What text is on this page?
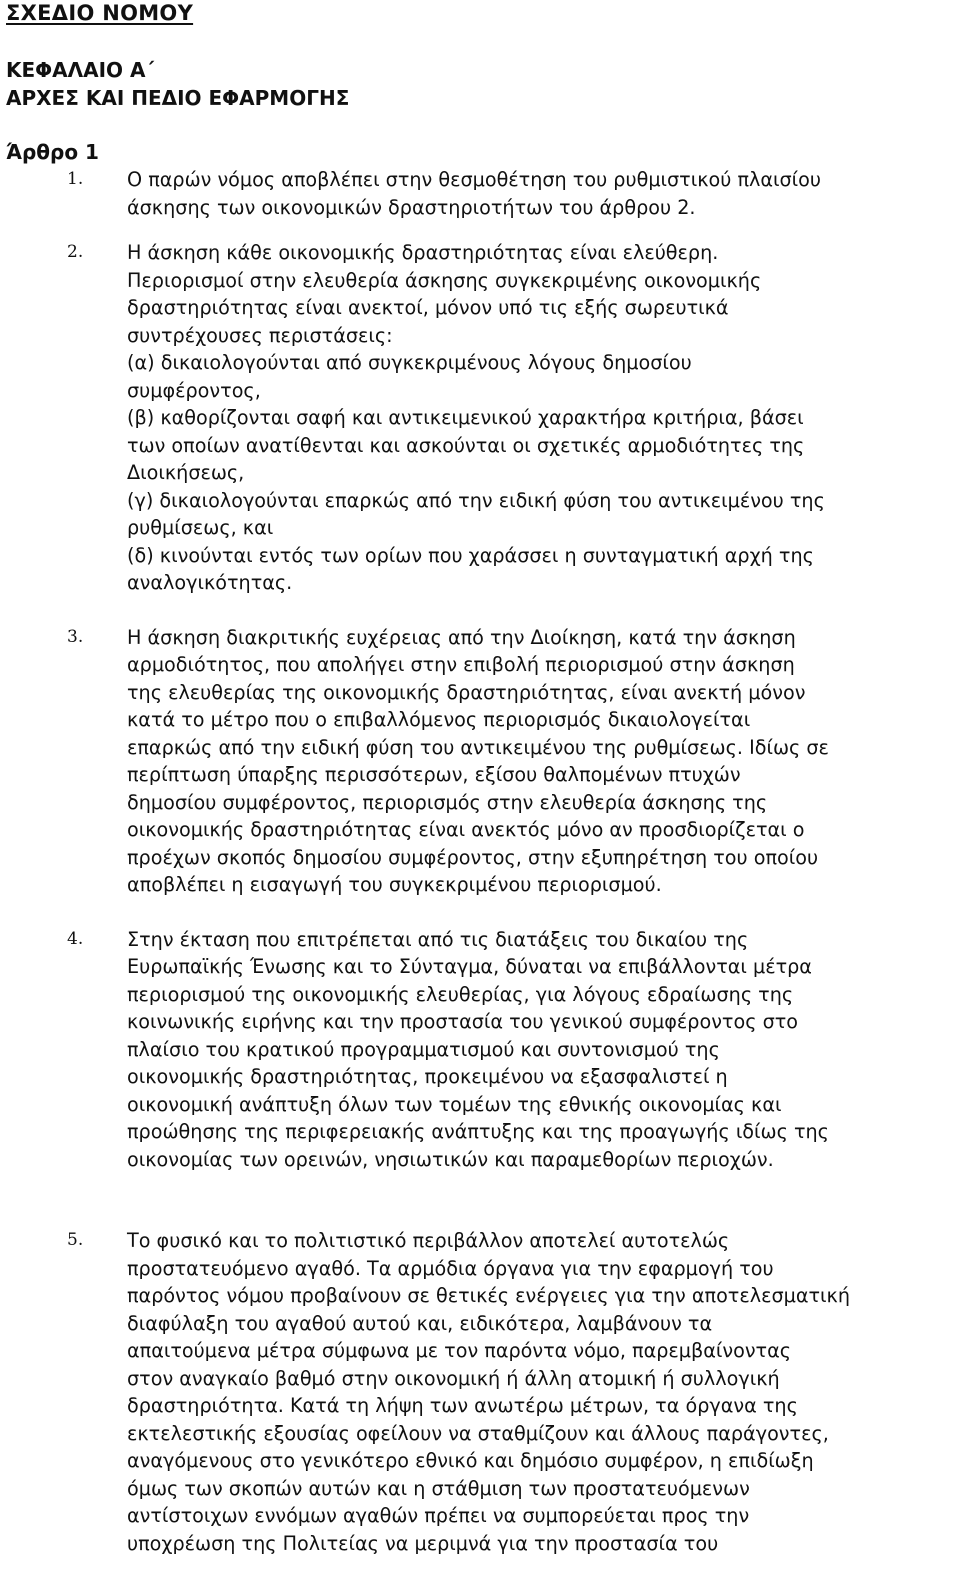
ΣΧΕΔΙΟ ΝΟΜΟΥ
ΚΕΦΑΛΑΙΟ Α΄
ΑΡΧΕΣ ΚΑΙ ΠΕΔΙΟ ΕΦΑΡΜΟΓΗΣ
Άρθρο 1
1. Ο παρών νόμος αποβλέπει στην θεσμοθέτηση του ρυθμιστικού πλαισίου

άσκησης των οικονομικών δραστηριοτήτων του άρθρου 2.

2. Η άσκηση κάθε οικονομικής δραστηριότητας είναι ελεύθερη.

Περιορισμοί στην ελευθερία άσκησης συγκεκριμένης οικονομικής

δραστηριότητας είναι ανεκτοί, μόνον υπό τις εξής σωρευτικά

συντρέχουσες περιστάσεις:

(α) δικαιολογούνται από συγκεκριμένους λόγους δημοσίου

συμφέροντος,

(β) καθορίζονται σαφή και αντικειμενικού χαρακτήρα κριτήρια, βάσει

των οποίων ανατίθενται και ασκούνται οι σχετικές αρμοδιότητες της

Διοικήσεως,

(γ) δικαιολογούνται επαρκώς από την ειδική φύση του αντικειμένου της

ρυθμίσεως, και

(δ) κινούνται εντός των ορίων που χαράσσει η συνταγματική αρχή της

αναλογικότητας.

3. Η άσκηση διακριτικής ευχέρειας από την Διοίκηση, κατά την άσκηση

αρμοδιότητος, που απολήγει στην επιβολή περιορισμού στην άσκηση

της ελευθερίας της οικονομικής δραστηριότητας, είναι ανεκτή μόνον

κατά το μέτρο που ο επιβαλλόμενος περιορισμός δικαιολογείται

επαρκώς από την ειδική φύση του αντικειμένου της ρυθμίσεως. Ιδίως σε

περίπτωση ύπαρξης περισσότερων, εξίσου θαλπομένων πτυχών

δημοσίου συμφέροντος, περιορισμός στην ελευθερία άσκησης της

οικονομικής δραστηριότητας είναι ανεκτός μόνο αν προσδιορίζεται ο

προέχων σκοπός δημοσίου συμφέροντος, στην εξυπηρέτηση του οποίου

αποβλέπει η εισαγωγή του συγκεκριμένου περιορισμού.

4. Στην έκταση που επιτρέπεται από τις διατάξεις του δικαίου της

Ευρωπαϊκής Ένωσης και το Σύνταγμα, δύναται να επιβάλλονται μέτρα

περιορισμού της οικονομικής ελευθερίας, για λόγους εδραίωσης της

κοινωνικής ειρήνης και την προστασία του γενικού συμφέροντος στο

πλαίσιο του κρατικού προγραμματισμού και συντονισμού της

οικονομικής δραστηριότητας, προκειμένου να εξασφαλιστεί η

οικονομική ανάπτυξη όλων των τομέων της εθνικής οικονομίας και

προώθησης της περιφερειακής ανάπτυξης και της προαγωγής ιδίως της

οικονομίας των ορεινών, νησιωτικών και παραμεθορίων περιοχών.

5. Το φυσικό και το πολιτιστικό περιβάλλον αποτελεί αυτοτελώς

προστατευόμενο αγαθό. Τα αρμόδια όργανα για την εφαρμογή του

παρόντος νόμου προβαίνουν σε θετικές ενέργειες για την αποτελεσματική

διαφύλαξη του αγαθού αυτού και, ειδικότερα, λαμβάνουν τα

απαιτούμενα μέτρα σύμφωνα με τον παρόντα νόμο, παρεμβαίνοντας

στον αναγκαίο βαθμό στην οικονομική ή άλλη ατομική ή συλλογική

δραστηριότητα. Κατά τη λήψη των ανωτέρω μέτρων, τα όργανα της

εκτελεστικής εξουσίας οφείλουν να σταθμίζουν και άλλους παράγοντες,

αναγόμενους στο γενικότερο εθνικό και δημόσιο συμφέρον, η επιδίωξη

όμως των σκοπών αυτών και η στάθμιση των προστατευόμενων

αντίστοιχων εννόμων αγαθών πρέπει να συμπορεύεται προς την

υποχρέωση της Πολιτείας να μεριμνά για την προστασία του
